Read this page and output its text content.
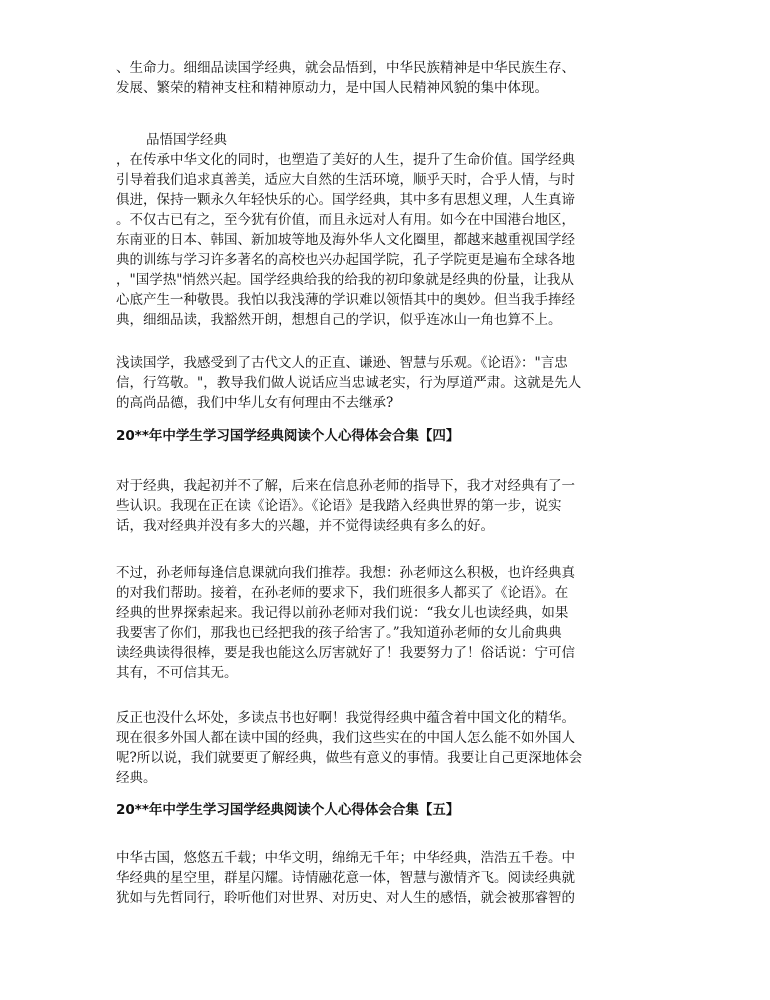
、生命力。细细品读国学经典，就会品悟到，中华民族精神是中华民族生存、
发展、繁荣的精神支柱和精神原动力，是中国人民精神风貌的集中体现。
品悟国学经典
，在传承中华文化的同时，也塑造了美好的人生，提升了生命价值。国学经典
引导着我们追求真善美，适应大自然的生活环境，顺乎天时，合乎人情，与时
俱进，保持一颗永久年轻快乐的心。国学经典，其中多有思想义理，人生真谛
。不仅古已有之，至今犹有价值，而且永远对人有用。如今在中国港台地区，
东南亚的日本、韩国、新加坡等地及海外华人文化圈里，都越来越重视国学经
典的训练与学习许多著名的高校也兴办起国学院，孔子学院更是遍布全球各地
，"国学热"悄然兴起。国学经典给我的给我的初印象就是经典的份量，让我从
心底产生一种敬畏。我怕以我浅薄的学识难以领悟其中的奥妙。但当我手捧经
典，细细品读，我豁然开朗，想想自己的学识，似乎连冰山一角也算不上。
浅读国学，我感受到了古代文人的正直、谦逊、智慧与乐观。《论语》："言忠
信，行笃敬。"，教导我们做人说话应当忠诚老实，行为厚道严肃。这就是先人
的高尚品德，我们中华儿女有何理由不去继承?
20**年中学生学习国学经典阅读个人心得体会合集【四】
对于经典，我起初并不了解，后来在信息孙老师的指导下，我才对经典有了一
些认识。我现在正在读《论语》。《论语》是我踏入经典世界的第一步，说实
话，我对经典并没有多大的兴趣，并不觉得读经典有多么的好。
不过，孙老师每逢信息课就向我们推荐。我想：孙老师这么积极，也许经典真
的对我们帮助。接着，在孙老师的要求下，我们班很多人都买了《论语》。在
经典的世界探索起来。我记得以前孙老师对我们说：“我女儿也读经典，如果
我要害了你们，那我也已经把我的孩子给害了。”我知道孙老师的女儿俞典典
读经典读得很棒，要是我也能这么厉害就好了！我要努力了！俗话说：宁可信
其有，不可信其无。
反正也没什么坏处，多读点书也好啊！我觉得经典中蕴含着中国文化的精华。
现在很多外国人都在读中国的经典，我们这些实在的中国人怎么能不如外国人
呢?所以说，我们就要更了解经典，做些有意义的事情。我要让自己更深地体会
经典。
20**年中学生学习国学经典阅读个人心得体会合集【五】
中华古国，悠悠五千载；中华文明，绵绵无千年；中华经典，浩浩五千卷。中
华经典的星空里，群星闪耀。诗情融花意一体，智慧与激情齐飞。阅读经典就
犹如与先哲同行，聆听他们对世界、对历史、对人生的感悟，就会被那睿智的
